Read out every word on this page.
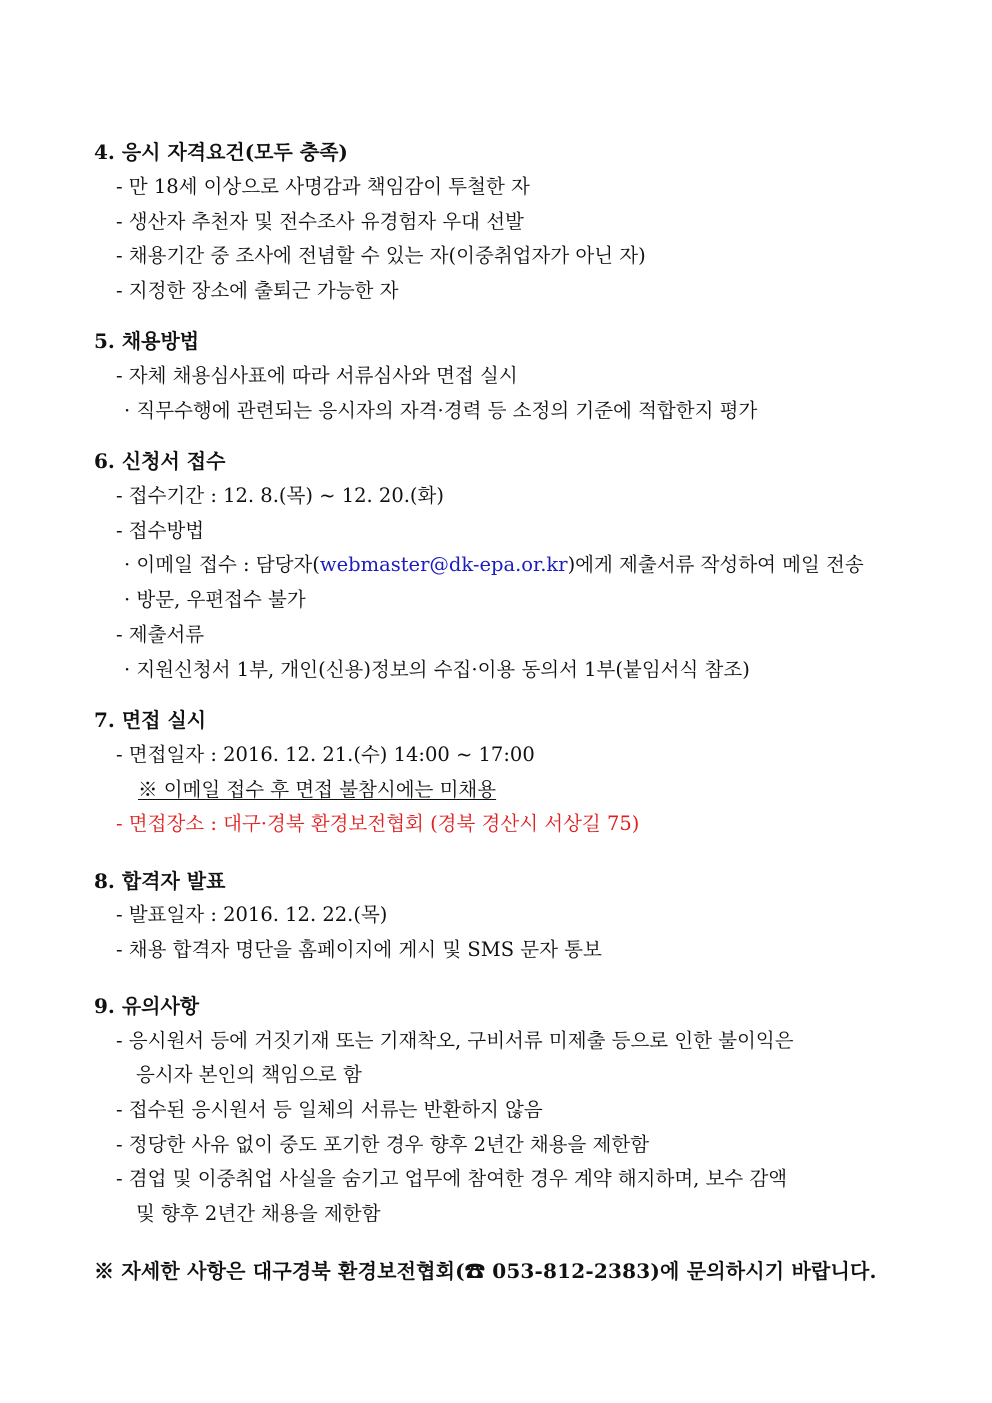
4. 응시 자격요건(모두 충족)
- 만 18세 이상으로 사명감과 책임감이 투철한 자
- 생산자 추천자 및 전수조사 유경험자 우대 선발
- 채용기간 중 조사에 전념할 수 있는 자(이중취업자가 아닌 자)
- 지정한 장소에 출퇴근 가능한 자
5. 채용방법
- 자체 채용심사표에 따라 서류심사와 면접 실시
· 직무수행에 관련되는 응시자의 자격·경력 등 소정의 기준에 적합한지 평가
6. 신청서 접수
- 접수기간 : 12. 8.(목) ~ 12. 20.(화)
- 접수방법
· 이메일 접수 : 담당자(webmaster@dk-epa.or.kr)에게 제출서류 작성하여 메일 전송
· 방문, 우편접수 불가
- 제출서류
· 지원신청서 1부, 개인(신용)정보의 수집·이용 동의서 1부(붙임서식 참조)
7. 면접 실시
- 면접일자 : 2016. 12. 21.(수) 14:00 ~ 17:00
※ 이메일 접수 후 면접 불참시에는 미채용
- 면접장소 : 대구·경북 환경보전협회 (경북 경산시 서상길 75)
8. 합격자 발표
- 발표일자 : 2016. 12. 22.(목)
- 채용 합격자 명단을 홈페이지에 게시 및 SMS 문자 통보
9. 유의사항
- 응시원서 등에 거짓기재 또는 기재착오, 구비서류 미제출 등으로 인한 불이익은
응시자 본인의 책임으로 함
- 접수된 응시원서 등 일체의 서류는 반환하지 않음
- 정당한 사유 없이 중도 포기한 경우 향후 2년간 채용을 제한함
- 겸업 및 이중취업 사실을 숨기고 업무에 참여한 경우 계약 해지하며, 보수 감액
및 향후 2년간 채용을 제한함
※ 자세한 사항은 대구경북 환경보전협회(☎ 053-812-2383)에 문의하시기 바랍니다.
